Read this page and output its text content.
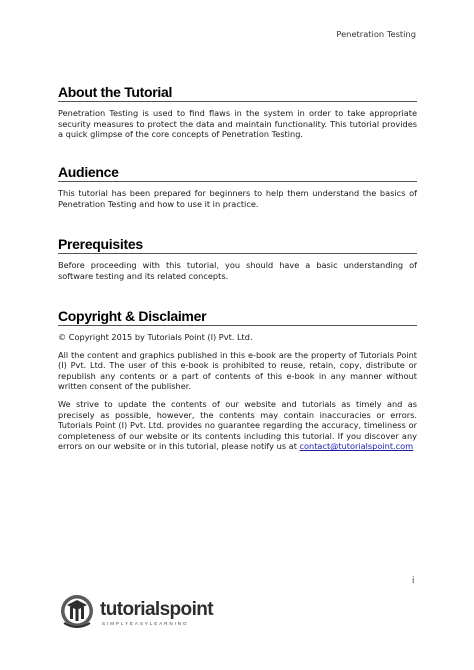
Penetration Testing
About the Tutorial

Penetration Testing is used to find flaws in the system in order to take appropriate security measures to protect the data and maintain functionality. This tutorial provides a quick glimpse of the core concepts of Penetration Testing.

Audience

This tutorial has been prepared for beginners to help them understand the basics of Penetration Testing and how to use it in practice.

Prerequisites

Before proceeding with this tutorial, you should have a basic understanding of software testing and its related concepts.

Copyright & Disclaimer

© Copyright 2015 by Tutorials Point (I) Pvt. Ltd.

All the content and graphics published in this e-book are the property of Tutorials Point (I) Pvt. Ltd. The user of this e-book is prohibited to reuse, retain, copy, distribute or republish any contents or a part of contents of this e-book in any manner without written consent of the publisher.

We strive to update the contents of our website and tutorials as timely and as precisely as possible, however, the contents may contain inaccuracies or errors. Tutorials Point (I) Pvt. Ltd. provides no guarantee regarding the accuracy, timeliness or completeness of our website or its contents including this tutorial. If you discover any errors on our website or in this tutorial, please notify us at contact@tutorialspoint.com

i
tutorialspoint
SIMPLYEASYLEARNING
